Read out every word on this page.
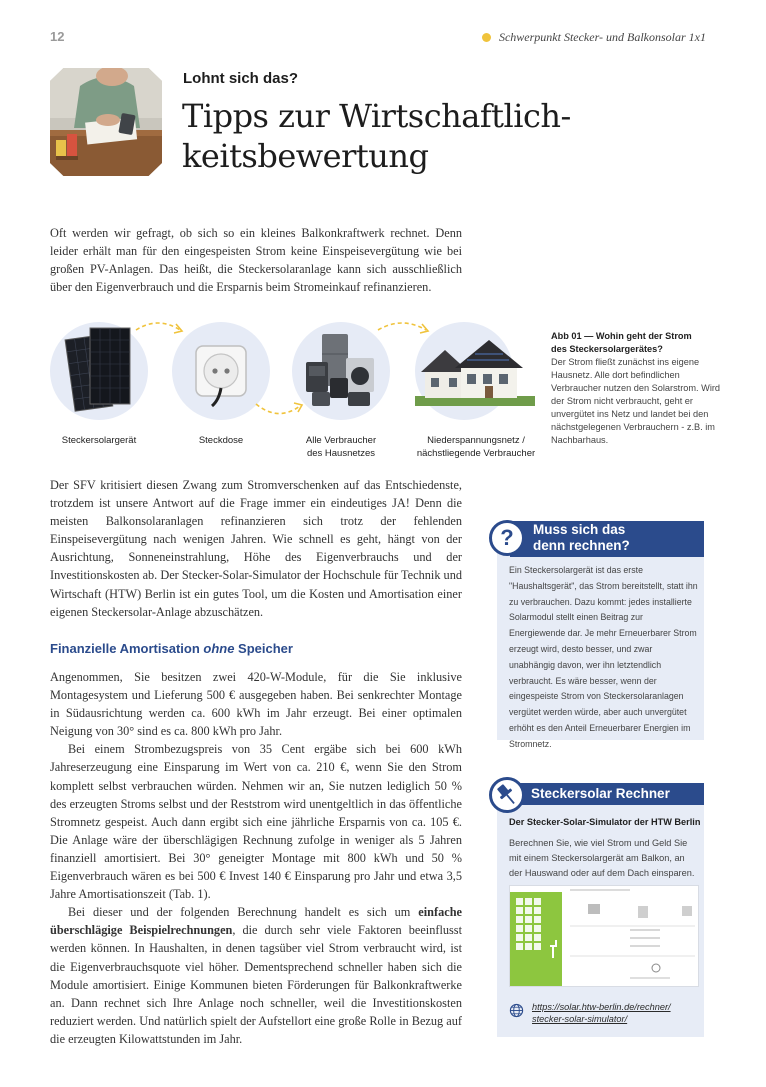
12	Schwerpunkt Stecker- und Balkonsolar 1x1
Lohnt sich das?
Tipps zur Wirtschaftlich-
keitsbewertung

Oft werden wir gefragt, ob sich so ein kleines Balkonkraftwerk rechnet. Denn leider erhält man für den eingespeisten Strom keine Einspeisevergütung wie bei großen PV-Anlagen. Das heißt, die Steckersolaranlage kann sich ausschließlich über den Eigenverbrauch und die Ersparnis beim Stromeinkauf refinanzieren.

Steckersolargerät	Steckdose	Alle Verbraucher
des Hausnetzes
Niederspannungsnetz /
nächstliegende Verbraucher
Abb 01 — Wohin geht der Strom
des Steckersolargerätes?
Der Strom fließt zunächst ins eigene Hausnetz. Alle dort befindlichen Verbraucher nutzen den Solarstrom. Wird der Strom nicht verbraucht, geht er unvergütet ins Netz und landet bei den nächstgelegenen Verbrauchern - z.B. im Nachbarhaus.

Der SFV kritisiert diesen Zwang zum Stromverschenken auf das Entschiedenste, trotzdem ist unsere Antwort auf die Frage immer ein eindeutiges JA! Denn die meisten Balkonsolaranlagen refinanzieren sich trotz der fehlenden Einspeisevergütung nach wenigen Jahren. Wie schnell es geht, hängt von der Ausrichtung, Sonneneinstrahlung, Höhe des Eigenverbrauchs und der Investitionskosten ab. Der Stecker-Solar-Simulator der Hochschule für Technik und Wirtschaft (HTW) Berlin ist ein gutes Tool, um die Kosten und Amortisation einer eigenen Steckersolar-Anlage abzuschätzen.

Finanzielle Amortisation ohne Speicher

Angenommen, Sie besitzen zwei 420-W-Module, für die Sie inklusive Montagesystem und Lieferung 500 € ausgegeben haben. Bei senkrechter Montage in Südausrichtung werden ca. 600 kWh im Jahr erzeugt. Bei einer optimalen Neigung von 30° sind es ca. 800 kWh pro Jahr.

Bei einem Strombezugspreis von 35 Cent ergäbe sich bei 600 kWh Jahreserzeugung eine Einsparung im Wert von ca. 210 €, wenn Sie den Strom komplett selbst verbrauchen würden. Nehmen wir an, Sie nutzen lediglich 50 % des erzeugten Stroms selbst und der Reststrom wird unentgeltlich in das öffentliche Stromnetz gespeist. Auch dann ergibt sich eine jährliche Ersparnis von ca. 105 €. Die Anlage wäre der überschlägigen Rechnung zufolge in weniger als 5 Jahren finanziell amortisiert. Bei 30° geneigter Montage mit 800 kWh und 50 % Eigenverbrauch wären es bei 500 € Invest 140 € Einsparung pro Jahr und etwa 3,5 Jahre Amortisationszeit (Tab. 1).

Bei dieser und der folgenden Berechnung handelt es sich um einfache überschlägige Beispielrechnungen, die durch sehr viele Faktoren beeinflusst werden können. In Haushalten, in denen tagsüber viel Strom verbraucht wird, ist die Eigenverbrauchsquote viel höher. Dementsprechend schneller haben sich die Module amortisiert. Einige Kommunen bieten Förderungen für Balkonkraftwerke an. Dann rechnet sich Ihre Anlage noch schneller, weil die Investitionskosten reduziert werden. Und natürlich spielt der Aufstellort eine große Rolle in Bezug auf die erzeugten Kilowattstunden im Jahr.

?	Muss sich das
denn rechnen?
Ein Steckersolargerät ist das erste "Haushaltsgerät", das Strom bereitstellt, statt ihn zu verbrauchen. Dazu kommt: jedes installierte Solarmodul stellt einen Beitrag zur Energiewende dar. Je mehr Erneuerbarer Strom erzeugt wird, desto besser, und zwar unabhängig davon, wer ihn letztendlich verbraucht. Es wäre besser, wenn der eingespeiste Strom von Steckersolaranlagen vergütet werden würde, aber auch unvergütet erhöht es den Anteil Erneuerbarer Energien im Stromnetz.
Steckersolar Rechner
Der Stecker-Solar-Simulator der HTW Berlin
Berechnen Sie, wie viel Strom und Geld Sie mit einem Steckersolargerät am Balkon, an der Hauswand oder auf dem Dach einsparen.
https://solar.htw-berlin.de/rechner/
stecker-solar-simulator/
